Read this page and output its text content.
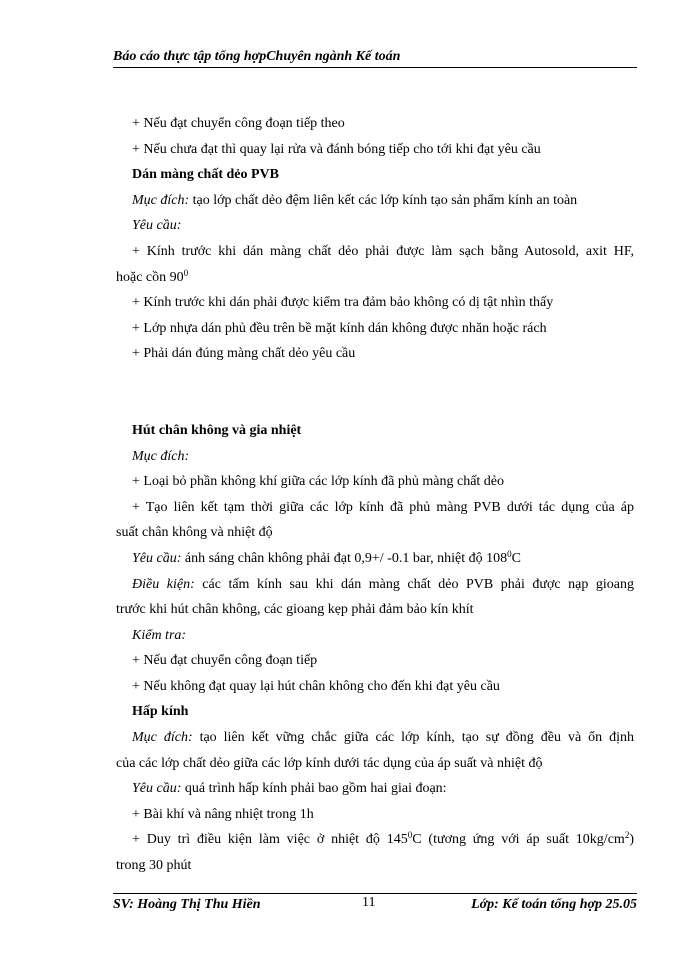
Báo cáo thực tập tổng hợpChuyên ngành Kế toán

+ Nếu đạt chuyển công đoạn tiếp theo

+ Nếu chưa đạt thì quay lại rửa và đánh bóng tiếp cho tới khi đạt yêu cầu

Dán màng chất dẻo PVB

Mục đích: tạo lớp chất dẻo đệm liên kết các lớp kính tạo sản phẩm kính an toàn

Yêu cầu:

+ Kính trước khi dán màng chất dẻo phải được làm sạch bằng Autosold, axit HF,

hoặc cồn $90^0$

+ Kính trước khi dán phải được kiểm tra đảm bảo không có dị tật nhìn thấy

+ Lớp nhựa dán phủ đều trên bề mặt kính dán không được nhăn hoặc rách

+ Phải dán đúng màng chất dẻo yêu cầu

Hút chân không và gia nhiệt

Mục đích:

+ Loại bỏ phần không khí giữa các lớp kính đã phủ màng chất dẻo

+ Tạo liên kết tạm thời giữa các lớp kính đã phủ màng PVB dưới tác dụng của áp

suất chân không và nhiệt độ

Yêu cầu: ánh sáng chân không phải đạt 0,9+/ -0.1 bar, nhiệt độ $108^0C$

Điều kiện: các tấm kính sau khi dán màng chất dẻo PVB phải được nạp gioang

trước khi hút chân không, các gioang kẹp phải đảm bảo kín khít

Kiểm tra:

+ Nếu đạt chuyển công đoạn tiếp

+ Nếu không đạt quay lại hút chân không cho đến khi đạt yêu cầu

Hấp kính

Mục đích: tạo liên kết vững chắc giữa các lớp kính, tạo sự đồng đều và ổn định

của các lớp chất dẻo giữa các lớp kính dưới tác dụng của áp suất và nhiệt độ

Yêu cầu: quá trình hấp kính phải bao gồm hai giai đoạn:

+ Bài khí và nâng nhiệt trong 1h

+ Duy trì điều kiện làm việc ở nhiệt độ $145^0C$ (tương ứng với áp suất $10kg/cm^2$)

trong 30 phút

SV: Hoàng Thị Thu Hiền	11	Lớp: Kế toán tổng hợp 25.05
